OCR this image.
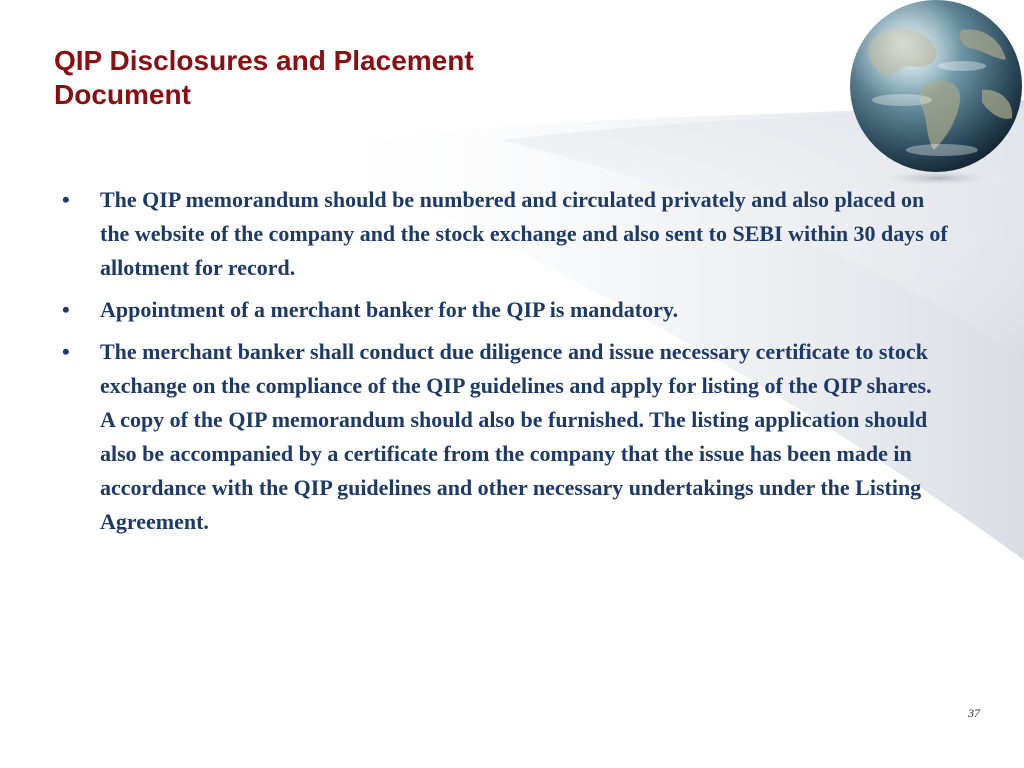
QIP Disclosures and Placement
Document
• The QIP memorandum should be numbered and circulated privately and also placed on the website of the company and the stock exchange and also sent to SEBI within 30 days of allotment for record.
• Appointment of a merchant banker for the QIP is mandatory.
• The merchant banker shall conduct due diligence and issue necessary certificate to stock exchange on the compliance of the QIP guidelines and apply for listing of the QIP shares. A copy of the QIP memorandum should also be furnished. The listing application should also be accompanied by a certificate from the company that the issue has been made in accordance with the QIP guidelines and other necessary undertakings under the Listing Agreement.
37
